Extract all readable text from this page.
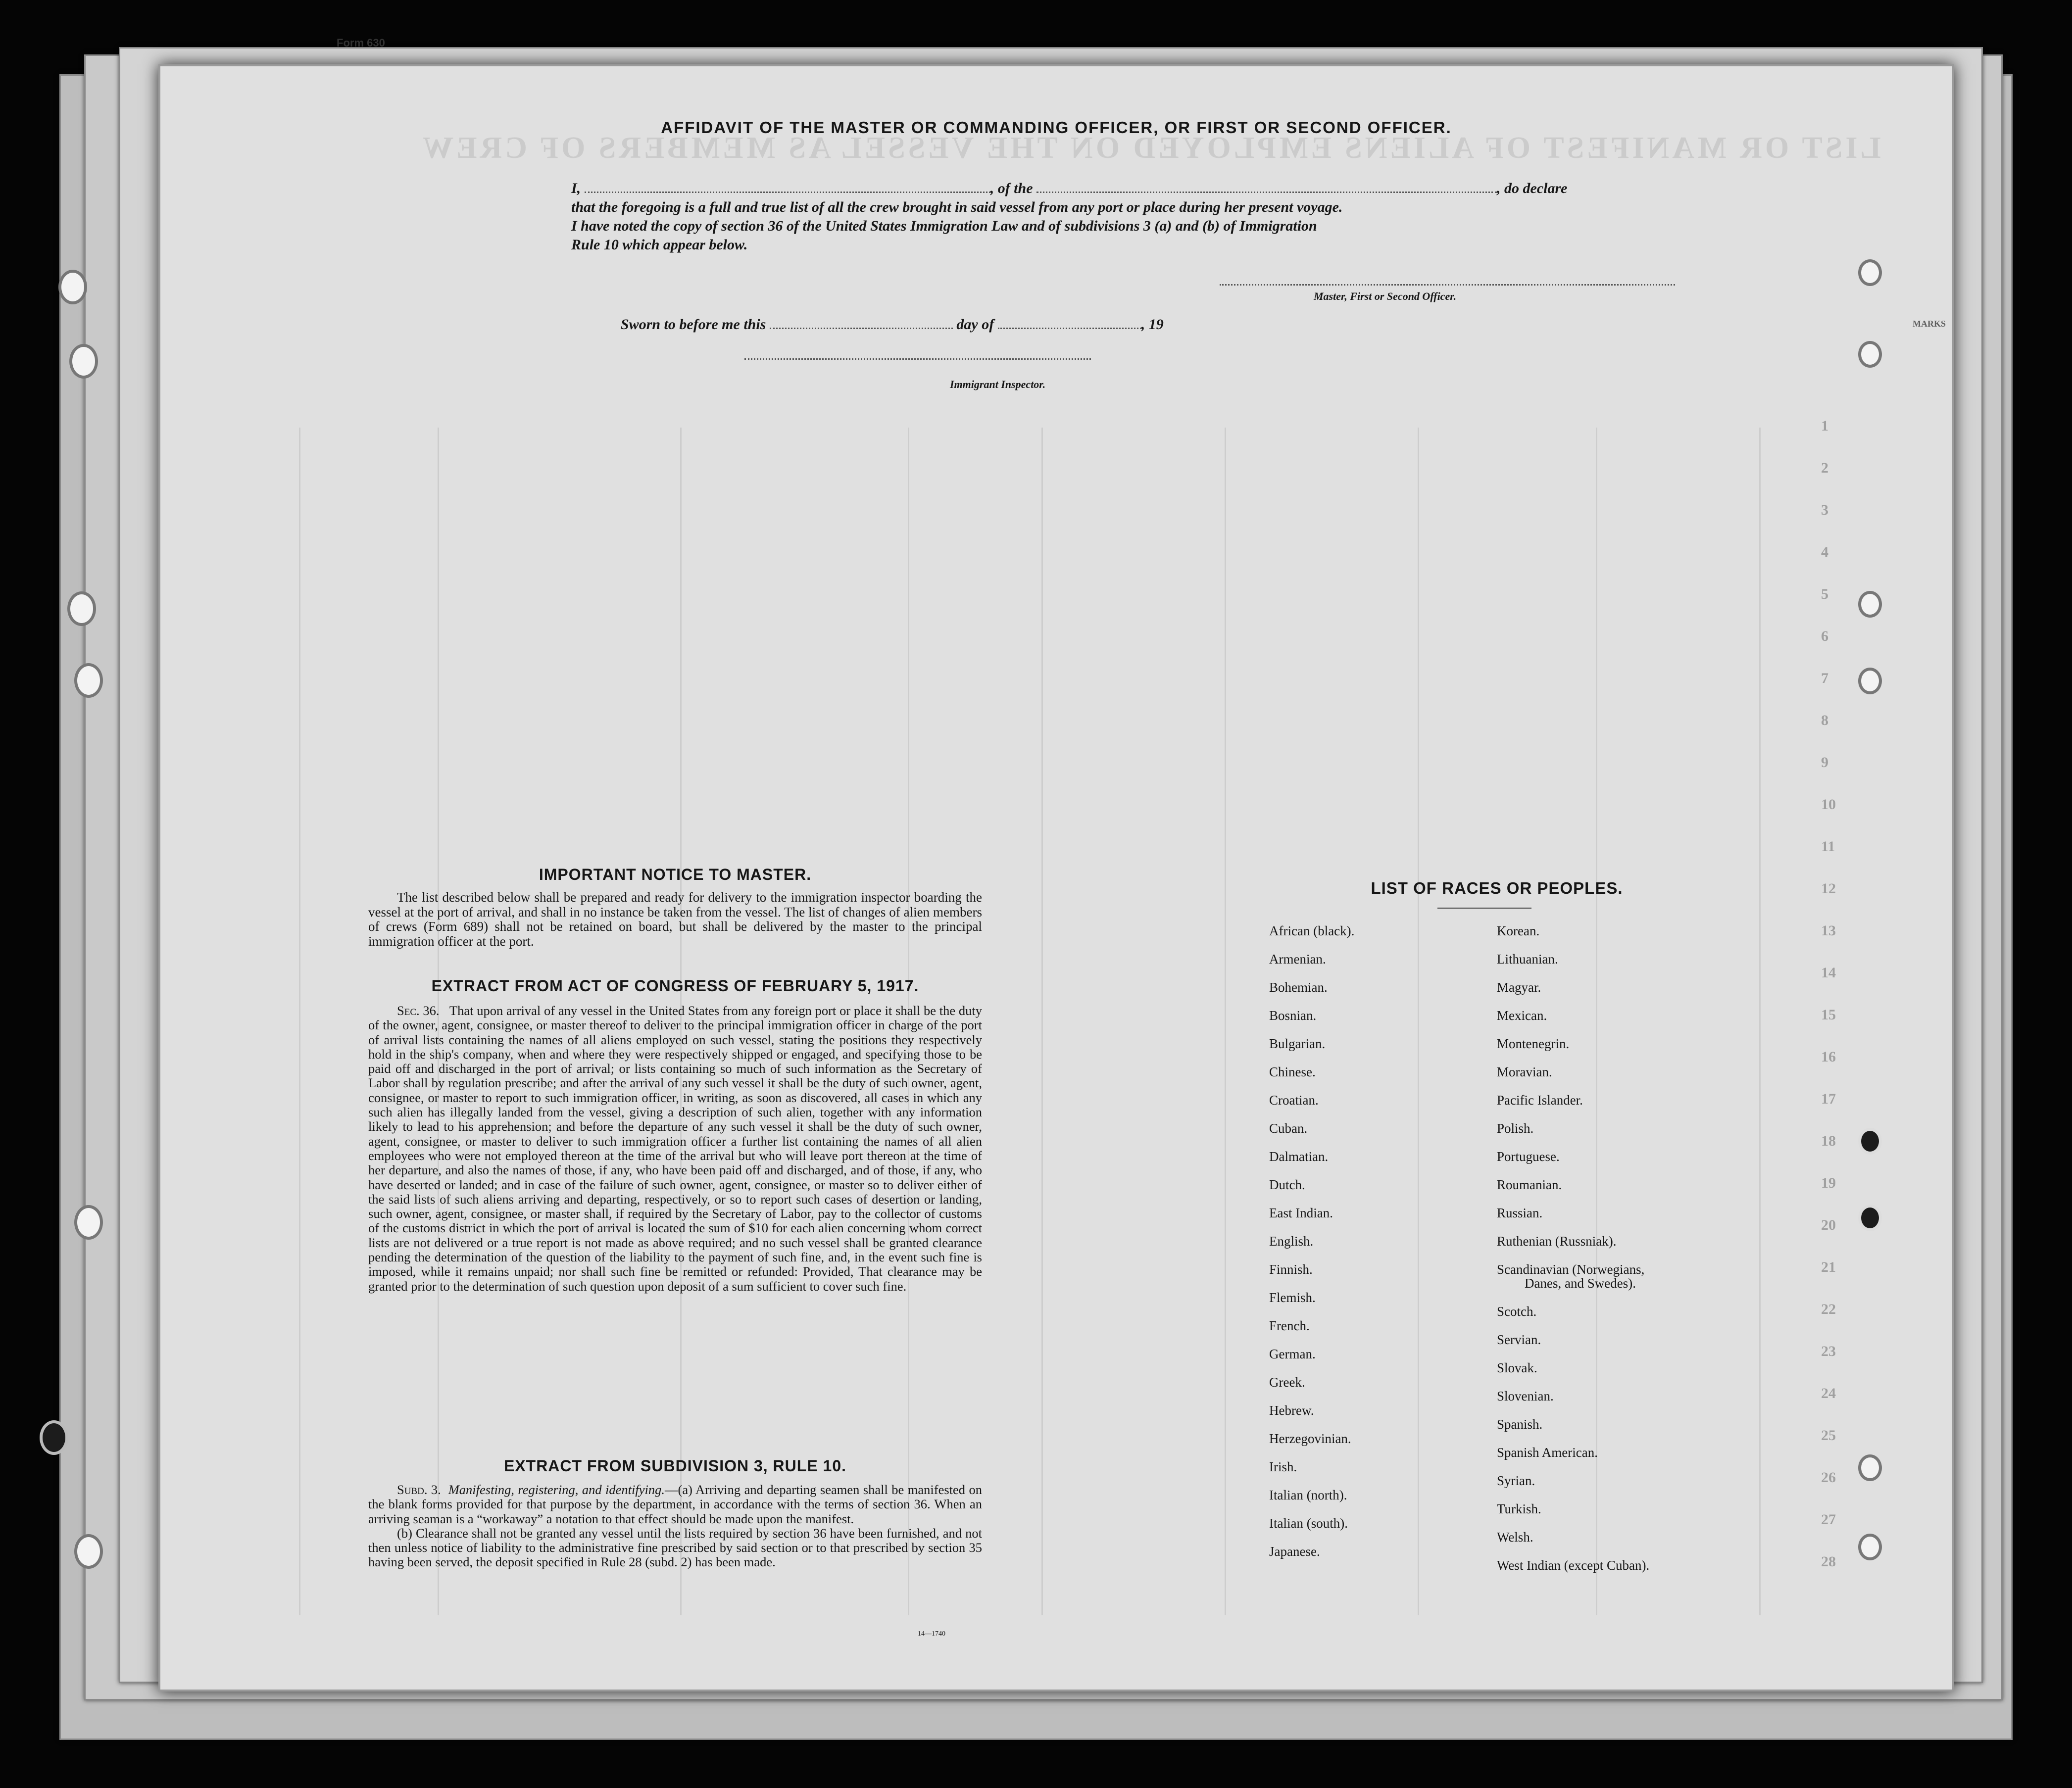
Form 630
LIST OR MANIFEST OF ALIENS EMPLOYED ON THE VESSEL AS MEMBERS OF CREW
MARKS
1
2
3
4
5
6
7
8
9
10
11
12
13
14
15
16
17
18
19
20
21
22
23
24
25
26
27
28
AFFIDAVIT OF THE MASTER OR COMMANDING OFFICER, OR FIRST OR SECOND OFFICER.
I,	, of the	, do declare
that the foregoing is a full and true list of all the crew brought in said vessel from any port or place during her present voyage.
I have noted the copy of section 36 of the United States Immigration Law and of subdivisions 3 (a) and (b) of Immigration
Rule 10 which appear below.
Master, First or Second Officer.
Sworn to before me this	day of	, 19
Immigrant Inspector.
IMPORTANT NOTICE TO MASTER.

The list described below shall be prepared and ready for delivery to the immigration inspector boarding the vessel at the port of arrival, and shall in no instance be taken from the vessel. The list of changes of alien members of crews (Form 689) shall not be retained on board, but shall be delivered by the master to the principal immigration officer at the port.

EXTRACT FROM ACT OF CONGRESS OF FEBRUARY 5, 1917.

Sec. 36. That upon arrival of any vessel in the United States from any foreign port or place it shall be the duty of the owner, agent, consignee, or master thereof to deliver to the principal immigration officer in charge of the port of arrival lists containing the names of all aliens employed on such vessel, stating the positions they respectively hold in the ship's company, when and where they were respectively shipped or engaged, and specifying those to be paid off and discharged in the port of arrival; or lists containing so much of such information as the Secretary of Labor shall by regulation prescribe; and after the arrival of any such vessel it shall be the duty of such owner, agent, consignee, or master to report to such immigration officer, in writing, as soon as discovered, all cases in which any such alien has illegally landed from the vessel, giving a description of such alien, together with any information likely to lead to his apprehension; and before the departure of any such vessel it shall be the duty of such owner, agent, consignee, or master to deliver to such immigration officer a further list containing the names of all alien employees who were not employed thereon at the time of the arrival but who will leave port thereon at the time of her departure, and also the names of those, if any, who have been paid off and discharged, and of those, if any, who have deserted or landed; and in case of the failure of such owner, agent, consignee, or master so to deliver either of the said lists of such aliens arriving and departing, respectively, or so to report such cases of desertion or landing, such owner, agent, consignee, or master shall, if required by the Secretary of Labor, pay to the collector of customs of the customs district in which the port of arrival is located the sum of $10 for each alien concerning whom correct lists are not delivered or a true report is not made as above required; and no such vessel shall be granted clearance pending the determination of the question of the liability to the payment of such fine, and, in the event such fine is imposed, while it remains unpaid; nor shall such fine be remitted or refunded: Provided, That clearance may be granted prior to the determination of such question upon deposit of a sum sufficient to cover such fine.

EXTRACT FROM SUBDIVISION 3, RULE 10.

Subd. 3. Manifesting, registering, and identifying.—(a) Arriving and departing seamen shall be manifested on the blank forms provided for that purpose by the department, in accordance with the terms of section 36. When an arriving seaman is a “workaway” a notation to that effect should be made upon the manifest.

(b) Clearance shall not be granted any vessel until the lists required by section 36 have been furnished, and not then unless notice of liability to the administrative fine prescribed by said section or to that prescribed by section 35 having been served, the deposit specified in Rule 28 (subd. 2) has been made.

14—1740
LIST OF RACES OR PEOPLES.
African (black).
Armenian.
Bohemian.
Bosnian.
Bulgarian.
Chinese.
Croatian.
Cuban.
Dalmatian.
Dutch.
East Indian.
English.
Finnish.
Flemish.
French.
German.
Greek.
Hebrew.
Herzegovinian.
Irish.
Italian (north).
Italian (south).
Japanese.
Korean.
Lithuanian.
Magyar.
Mexican.
Montenegrin.
Moravian.
Pacific Islander.
Polish.
Portuguese.
Roumanian.
Russian.
Ruthenian (Russniak).
Scandinavian (Norwegians,
Danes, and Swedes).
Scotch.
Servian.
Slovak.
Slovenian.
Spanish.
Spanish American.
Syrian.
Turkish.
Welsh.
West Indian (except Cuban).
